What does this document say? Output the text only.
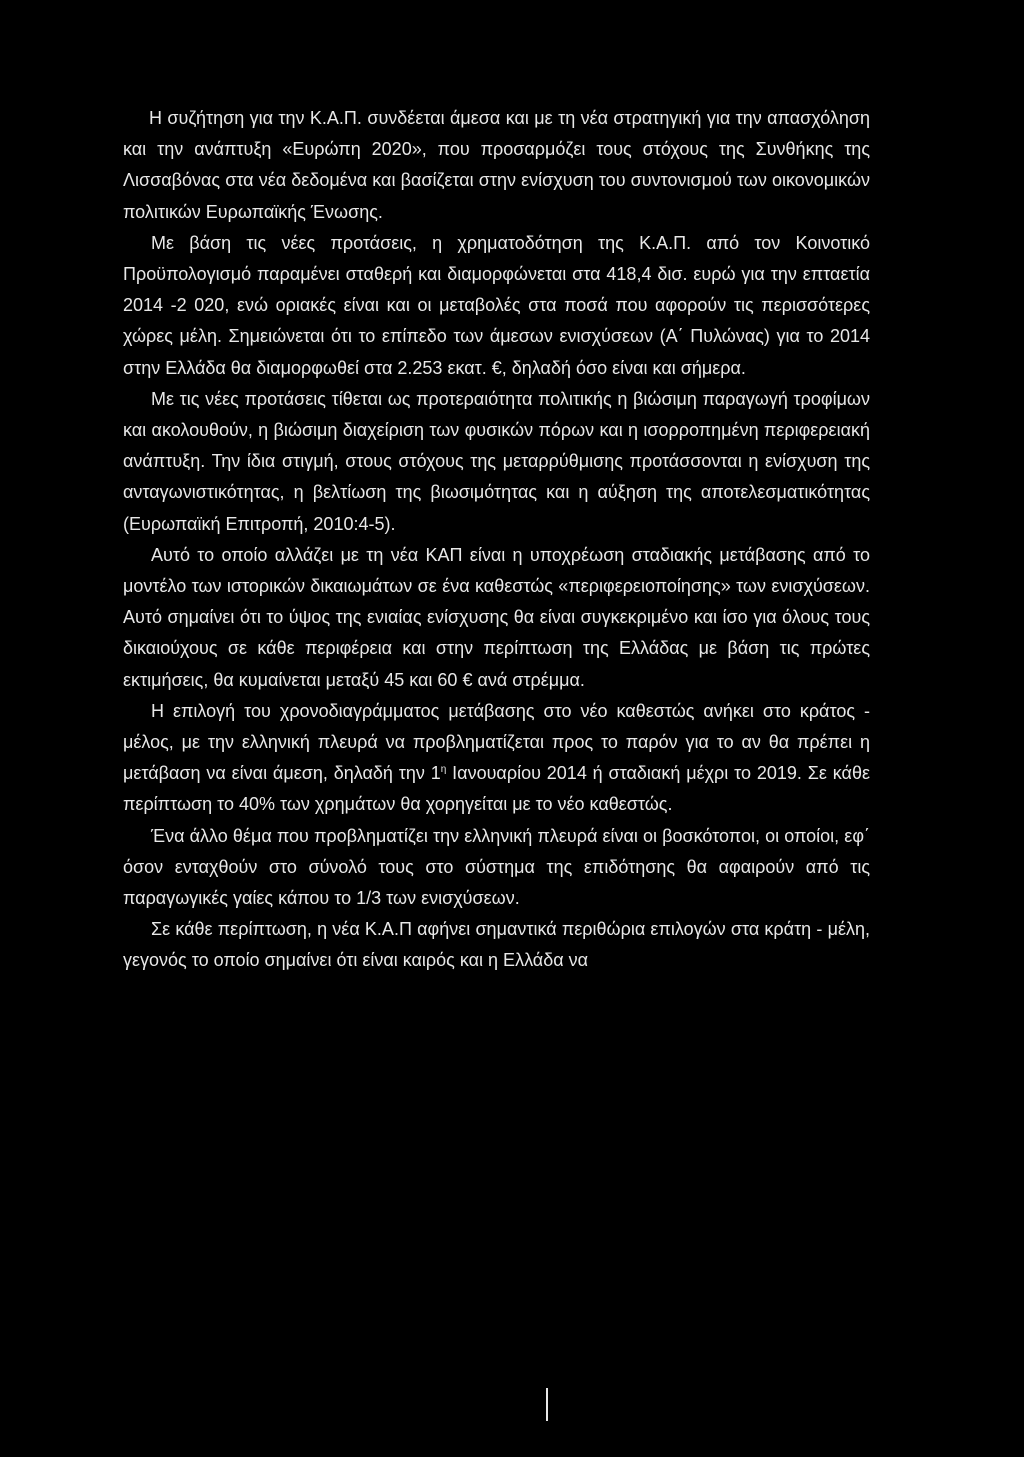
Η συζήτηση για την Κ.Α.Π. συνδέεται άμεσα και με τη νέα στρατηγική για την απασχόληση και την ανάπτυξη «Ευρώπη 2020», που προσαρμόζει τους στόχους της Συνθήκης της Λισσαβόνας στα νέα δεδομένα και βασίζεται στην ενίσχυση του συντονισμού των οικονομικών πολιτικών Ευρωπαϊκής Ένωσης.

Με βάση τις νέες προτάσεις, η χρηματοδότηση της Κ.Α.Π. από τον Κοινοτικό Προϋπολογισμό παραμένει σταθερή και διαμορφώνεται στα 418,4 δισ. ευρώ για την επταετία 2014 -2 020, ενώ οριακές είναι και οι μεταβολές στα ποσά που αφορούν τις περισσότερες χώρες μέλη. Σημειώνεται ότι το επίπεδο των άμεσων ενισχύσεων (Α΄ Πυλώνας) για το 2014 στην Ελλάδα θα διαμορφωθεί στα 2.253 εκατ. €, δηλαδή όσο είναι και σήμερα.

Με τις νέες προτάσεις τίθεται ως προτεραιότητα πολιτικής η βιώσιμη παραγωγή τροφίμων και ακολουθούν, η βιώσιμη διαχείριση των φυσικών πόρων και η ισορροπημένη περιφερειακή ανάπτυξη. Την ίδια στιγμή, στους στόχους της μεταρρύθμισης προτάσσονται η ενίσχυση της ανταγωνιστικότητας, η βελτίωση της βιωσιμότητας και η αύξηση της αποτελεσματικότητας (Ευρωπαϊκή Επιτροπή, 2010:4-5).

Αυτό το οποίο αλλάζει με τη νέα ΚΑΠ είναι η υποχρέωση σταδιακής μετάβασης από το μοντέλο των ιστορικών δικαιωμάτων σε ένα καθεστώς «περιφερειοποίησης» των ενισχύσεων. Αυτό σημαίνει ότι το ύψος της ενιαίας ενίσχυσης θα είναι συγκεκριμένο και ίσο για όλους τους δικαιούχους σε κάθε περιφέρεια και στην περίπτωση της Ελλάδας με βάση τις πρώτες εκτιμήσεις, θα κυμαίνεται μεταξύ 45 και 60 € ανά στρέμμα.

Η επιλογή του χρονοδιαγράμματος μετάβασης στο νέο καθεστώς ανήκει στο κράτος - μέλος, με την ελληνική πλευρά να προβληματίζεται προς το παρόν για το αν θα πρέπει η μετάβαση να είναι άμεση, δηλαδή την $1^\eta$ Ιανουαρίου 2014 ή σταδιακή μέχρι το 2019. Σε κάθε περίπτωση το 40% των χρημάτων θα χορηγείται με το νέο καθεστώς.

Ένα άλλο θέμα που προβληματίζει την ελληνική πλευρά είναι οι βοσκότοποι, οι οποίοι, εφ΄ όσον ενταχθούν στο σύνολό τους στο σύστημα της επιδότησης θα αφαιρούν από τις παραγωγικές γαίες κάπου το 1/3 των ενισχύσεων.

Σε κάθε περίπτωση, η νέα Κ.Α.Π αφήνει σημαντικά περιθώρια επιλογών στα κράτη - μέλη, γεγονός το οποίο σημαίνει ότι είναι καιρός και η Ελλάδα να
